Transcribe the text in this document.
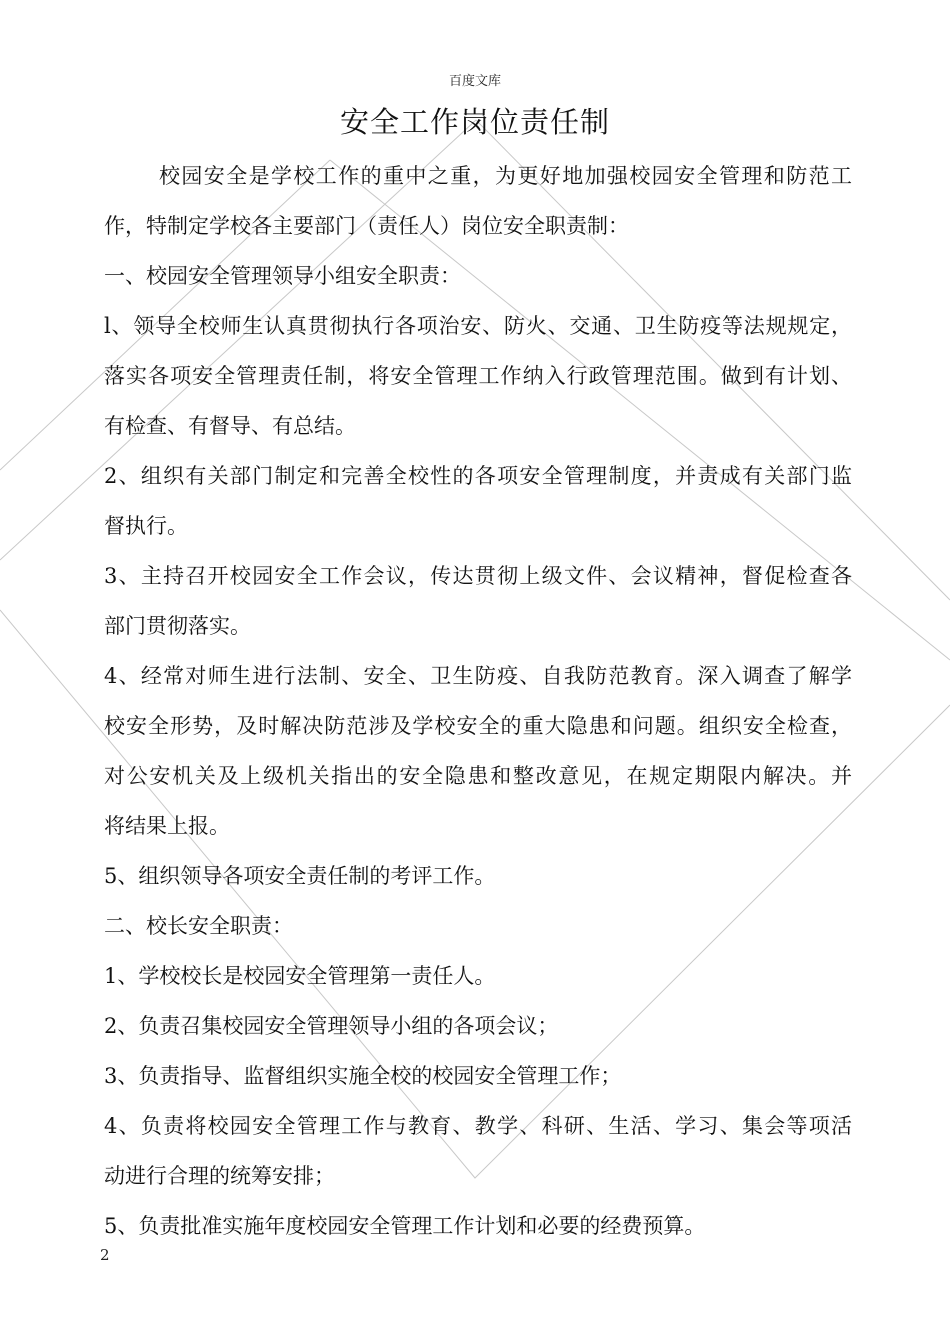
百度文库
安全工作岗位责任制
校园安全是学校工作的重中之重，为更好地加强校园安全管理和防范工
作，特制定学校各主要部门（责任人）岗位安全职责制：
一、校园安全管理领导小组安全职责：
l、领导全校师生认真贯彻执行各项治安、防火、交通、卫生防疫等法规规定，
落实各项安全管理责任制，将安全管理工作纳入行政管理范围。做到有计划、
有检查、有督导、有总结。
2、组织有关部门制定和完善全校性的各项安全管理制度，并责成有关部门监
督执行。
3、主持召开校园安全工作会议，传达贯彻上级文件、会议精神，督促检查各
部门贯彻落实。
4、经常对师生进行法制、安全、卫生防疫、自我防范教育。深入调查了解学
校安全形势，及时解决防范涉及学校安全的重大隐患和问题。组织安全检查，
对公安机关及上级机关指出的安全隐患和整改意见，在规定期限内解决。并
将结果上报。
5、组织领导各项安全责任制的考评工作。
二、校长安全职责：
1、学校校长是校园安全管理第一责任人。
2、负责召集校园安全管理领导小组的各项会议；
3、负责指导、监督组织实施全校的校园安全管理工作；
4、负责将校园安全管理工作与教育、教学、科研、生活、学习、集会等项活
动进行合理的统筹安排；
5、负责批准实施年度校园安全管理工作计划和必要的经费预算。
2
